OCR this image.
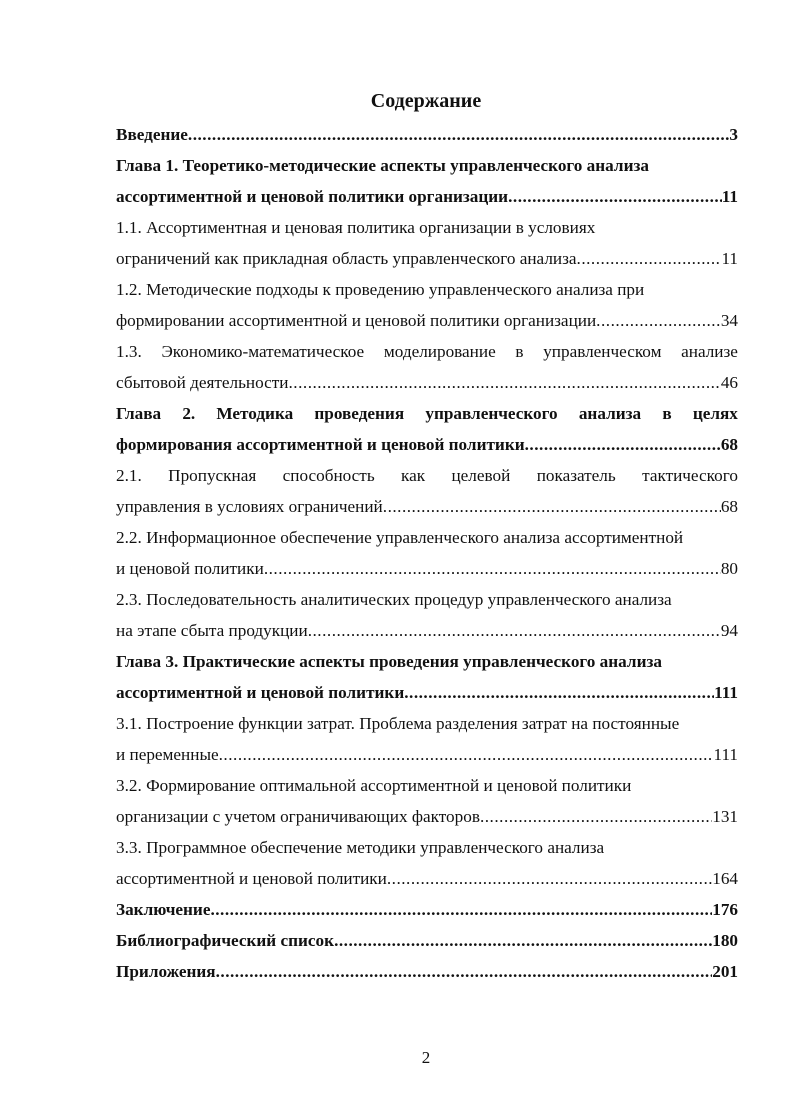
Содержание
Введение .....	3
Глава 1. Теоретико-методические аспекты управленческого анализа
ассортиментной и ценовой политики организации .....	11
1.1. Ассортиментная и ценовая политика организации в условиях
ограничений как прикладная область управленческого анализа .....	11
1.2. Методические подходы к проведению управленческого анализа при
формировании ассортиментной и ценовой политики организации .....	34
1.3. Экономико-математическое моделирование в управленческом анализе
сбытовой деятельности .....	46
Глава 2. Методика проведения управленческого анализа в целях
формирования ассортиментной и ценовой политики .....	68
2.1. Пропускная способность как целевой показатель тактического
управления в условиях ограничений .....	68
2.2. Информационное обеспечение управленческого анализа ассортиментной
и ценовой политики .....	80
2.3. Последовательность аналитических процедур управленческого анализа
на этапе сбыта продукции .....	94
Глава 3. Практические аспекты проведения управленческого анализа
ассортиментной и ценовой политики .....	111
3.1. Построение функции затрат. Проблема разделения затрат на постоянные
и переменные .....	111
3.2. Формирование оптимальной ассортиментной и ценовой политики
организации с учетом ограничивающих факторов .....	131
3.3. Программное обеспечение методики управленческого анализа
ассортиментной и ценовой политики .....	164
Заключение .....	176
Библиографический список .....	180
Приложения .....	201
2
